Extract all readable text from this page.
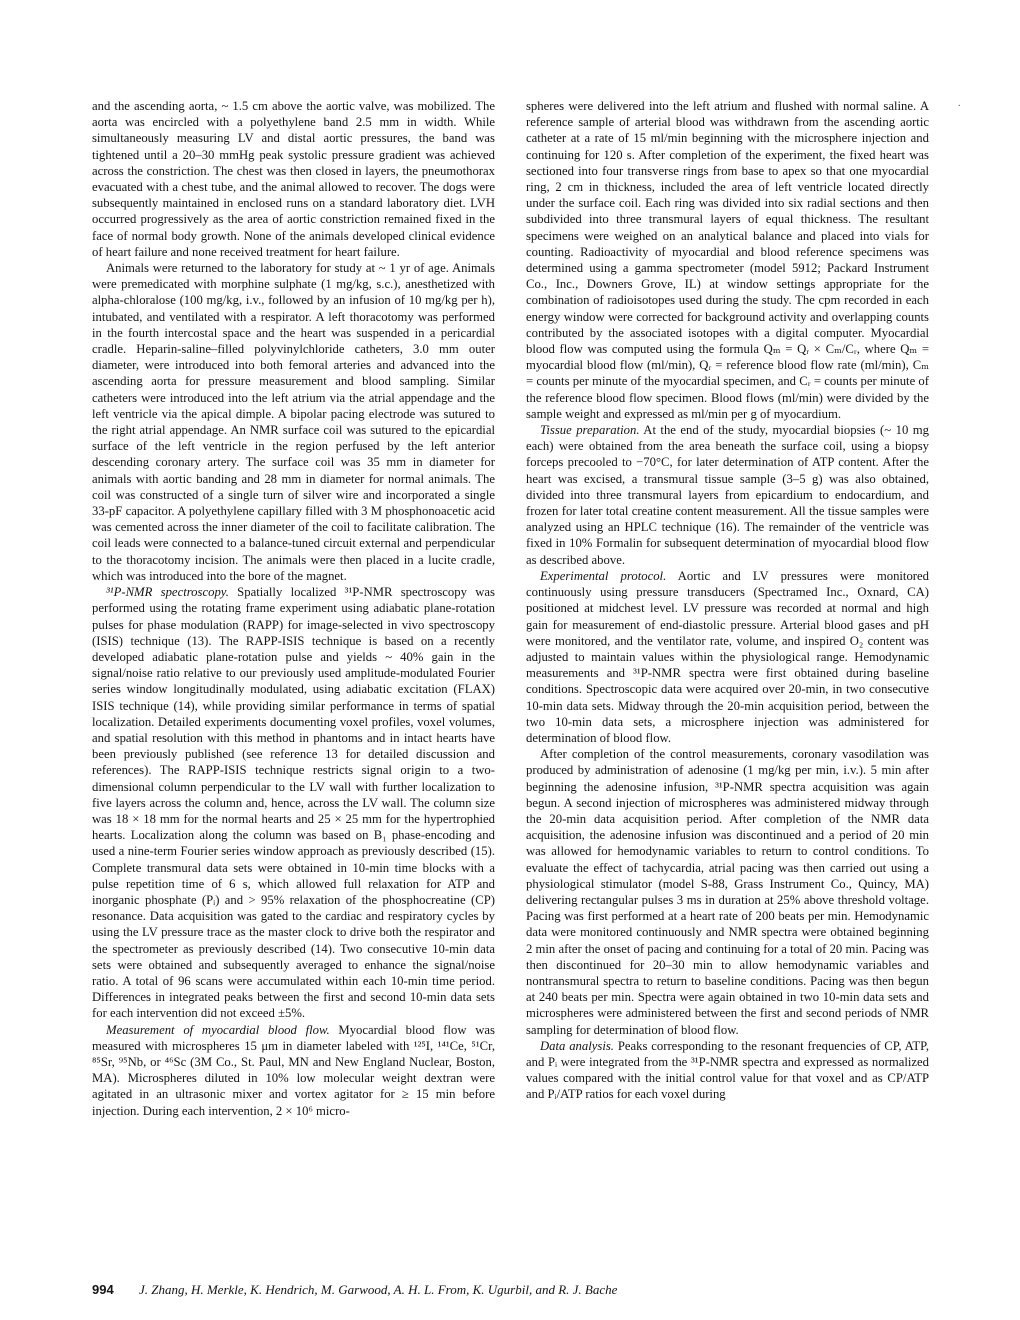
.

and the ascending aorta, ~ 1.5 cm above the aortic valve, was mobilized. The aorta was encircled with a polyethylene band 2.5 mm in width. While simultaneously measuring LV and distal aortic pressures, the band was tightened until a 20–30 mmHg peak systolic pressure gradient was achieved across the constriction. The chest was then closed in layers, the pneumothorax evacuated with a chest tube, and the animal allowed to recover. The dogs were subsequently maintained in enclosed runs on a standard laboratory diet. LVH occurred progressively as the area of aortic constriction remained fixed in the face of normal body growth. None of the animals developed clinical evidence of heart failure and none received treatment for heart failure.

Animals were returned to the laboratory for study at ~ 1 yr of age. Animals were premedicated with morphine sulphate (1 mg/kg, s.c.), anesthetized with alpha-chloralose (100 mg/kg, i.v., followed by an infusion of 10 mg/kg per h), intubated, and ventilated with a respirator. A left thoracotomy was performed in the fourth intercostal space and the heart was suspended in a pericardial cradle. Heparin-saline–filled polyvinylchloride catheters, 3.0 mm outer diameter, were introduced into both femoral arteries and advanced into the ascending aorta for pressure measurement and blood sampling. Similar catheters were introduced into the left atrium via the atrial appendage and the left ventricle via the apical dimple. A bipolar pacing electrode was sutured to the right atrial appendage. An NMR surface coil was sutured to the epicardial surface of the left ventricle in the region perfused by the left anterior descending coronary artery. The surface coil was 35 mm in diameter for animals with aortic banding and 28 mm in diameter for normal animals. The coil was constructed of a single turn of silver wire and incorporated a single 33-pF capacitor. A polyethylene capillary filled with 3 M phosphonoacetic acid was cemented across the inner diameter of the coil to facilitate calibration. The coil leads were connected to a balance-tuned circuit external and perpendicular to the thoracotomy incision. The animals were then placed in a lucite cradle, which was introduced into the bore of the magnet.

³¹P-NMR spectroscopy. Spatially localized ³¹P-NMR spectroscopy was performed using the rotating frame experiment using adiabatic plane-rotation pulses for phase modulation (RAPP) for image-selected in vivo spectroscopy (ISIS) technique (13). The RAPP-ISIS technique is based on a recently developed adiabatic plane-rotation pulse and yields ~ 40% gain in the signal/noise ratio relative to our previously used amplitude-modulated Fourier series window longitudinally modulated, using adiabatic excitation (FLAX) ISIS technique (14), while providing similar performance in terms of spatial localization. Detailed experiments documenting voxel profiles, voxel volumes, and spatial resolution with this method in phantoms and in intact hearts have been previously published (see reference 13 for detailed discussion and references). The RAPP-ISIS technique restricts signal origin to a two-dimensional column perpendicular to the LV wall with further localization to five layers across the column and, hence, across the LV wall. The column size was 18 × 18 mm for the normal hearts and 25 × 25 mm for the hypertrophied hearts. Localization along the column was based on B₁ phase-encoding and used a nine-term Fourier series window approach as previously described (15). Complete transmural data sets were obtained in 10-min time blocks with a pulse repetition time of 6 s, which allowed full relaxation for ATP and inorganic phosphate (Pᵢ) and > 95% relaxation of the phosphocreatine (CP) resonance. Data acquisition was gated to the cardiac and respiratory cycles by using the LV pressure trace as the master clock to drive both the respirator and the spectrometer as previously described (14). Two consecutive 10-min data sets were obtained and subsequently averaged to enhance the signal/noise ratio. A total of 96 scans were accumulated within each 10-min time period. Differences in integrated peaks between the first and second 10-min data sets for each intervention did not exceed ±5%.

Measurement of myocardial blood flow. Myocardial blood flow was measured with microspheres 15 μm in diameter labeled with ¹²⁵I, ¹⁴¹Ce, ⁵¹Cr, ⁸⁵Sr, ⁹⁵Nb, or ⁴⁶Sc (3M Co., St. Paul, MN and New England Nuclear, Boston, MA). Microspheres diluted in 10% low molecular weight dextran were agitated in an ultrasonic mixer and vortex agitator for ≥ 15 min before injection. During each intervention, 2 × 10⁶ micro-

spheres were delivered into the left atrium and flushed with normal saline. A reference sample of arterial blood was withdrawn from the ascending aortic catheter at a rate of 15 ml/min beginning with the microsphere injection and continuing for 120 s. After completion of the experiment, the fixed heart was sectioned into four transverse rings from base to apex so that one myocardial ring, 2 cm in thickness, included the area of left ventricle located directly under the surface coil. Each ring was divided into six radial sections and then subdivided into three transmural layers of equal thickness. The resultant specimens were weighed on an analytical balance and placed into vials for counting. Radioactivity of myocardial and blood reference specimens was determined using a gamma spectrometer (model 5912; Packard Instrument Co., Inc., Downers Grove, IL) at window settings appropriate for the combination of radioisotopes used during the study. The cpm recorded in each energy window were corrected for background activity and overlapping counts contributed by the associated isotopes with a digital computer. Myocardial blood flow was computed using the formula Qₘ = Qᵣ × Cₘ/Cᵣ, where Qₘ = myocardial blood flow (ml/min), Qᵣ = reference blood flow rate (ml/min), Cₘ = counts per minute of the myocardial specimen, and Cᵣ = counts per minute of the reference blood flow specimen. Blood flows (ml/min) were divided by the sample weight and expressed as ml/min per g of myocardium.

Tissue preparation. At the end of the study, myocardial biopsies (~ 10 mg each) were obtained from the area beneath the surface coil, using a biopsy forceps precooled to −70°C, for later determination of ATP content. After the heart was excised, a transmural tissue sample (3–5 g) was also obtained, divided into three transmural layers from epicardium to endocardium, and frozen for later total creatine content measurement. All the tissue samples were analyzed using an HPLC technique (16). The remainder of the ventricle was fixed in 10% Formalin for subsequent determination of myocardial blood flow as described above.

Experimental protocol. Aortic and LV pressures were monitored continuously using pressure transducers (Spectramed Inc., Oxnard, CA) positioned at midchest level. LV pressure was recorded at normal and high gain for measurement of end-diastolic pressure. Arterial blood gases and pH were monitored, and the ventilator rate, volume, and inspired O₂ content was adjusted to maintain values within the physiological range. Hemodynamic measurements and ³¹P-NMR spectra were first obtained during baseline conditions. Spectroscopic data were acquired over 20-min, in two consecutive 10-min data sets. Midway through the 20-min acquisition period, between the two 10-min data sets, a microsphere injection was administered for determination of blood flow.

After completion of the control measurements, coronary vasodilation was produced by administration of adenosine (1 mg/kg per min, i.v.). 5 min after beginning the adenosine infusion, ³¹P-NMR spectra acquisition was again begun. A second injection of microspheres was administered midway through the 20-min data acquisition period. After completion of the NMR data acquisition, the adenosine infusion was discontinued and a period of 20 min was allowed for hemodynamic variables to return to control conditions. To evaluate the effect of tachycardia, atrial pacing was then carried out using a physiological stimulator (model S-88, Grass Instrument Co., Quincy, MA) delivering rectangular pulses 3 ms in duration at 25% above threshold voltage. Pacing was first performed at a heart rate of 200 beats per min. Hemodynamic data were monitored continuously and NMR spectra were obtained beginning 2 min after the onset of pacing and continuing for a total of 20 min. Pacing was then discontinued for 20–30 min to allow hemodynamic variables and nontransmural spectra to return to baseline conditions. Pacing was then begun at 240 beats per min. Spectra were again obtained in two 10-min data sets and microspheres were administered between the first and second periods of NMR sampling for determination of blood flow.

Data analysis. Peaks corresponding to the resonant frequencies of CP, ATP, and Pᵢ were integrated from the ³¹P-NMR spectra and expressed as normalized values compared with the initial control value for that voxel and as CP/ATP and Pᵢ/ATP ratios for each voxel during

994 J. Zhang, H. Merkle, K. Hendrich, M. Garwood, A. H. L. From, K. Ugurbil, and R. J. Bache
